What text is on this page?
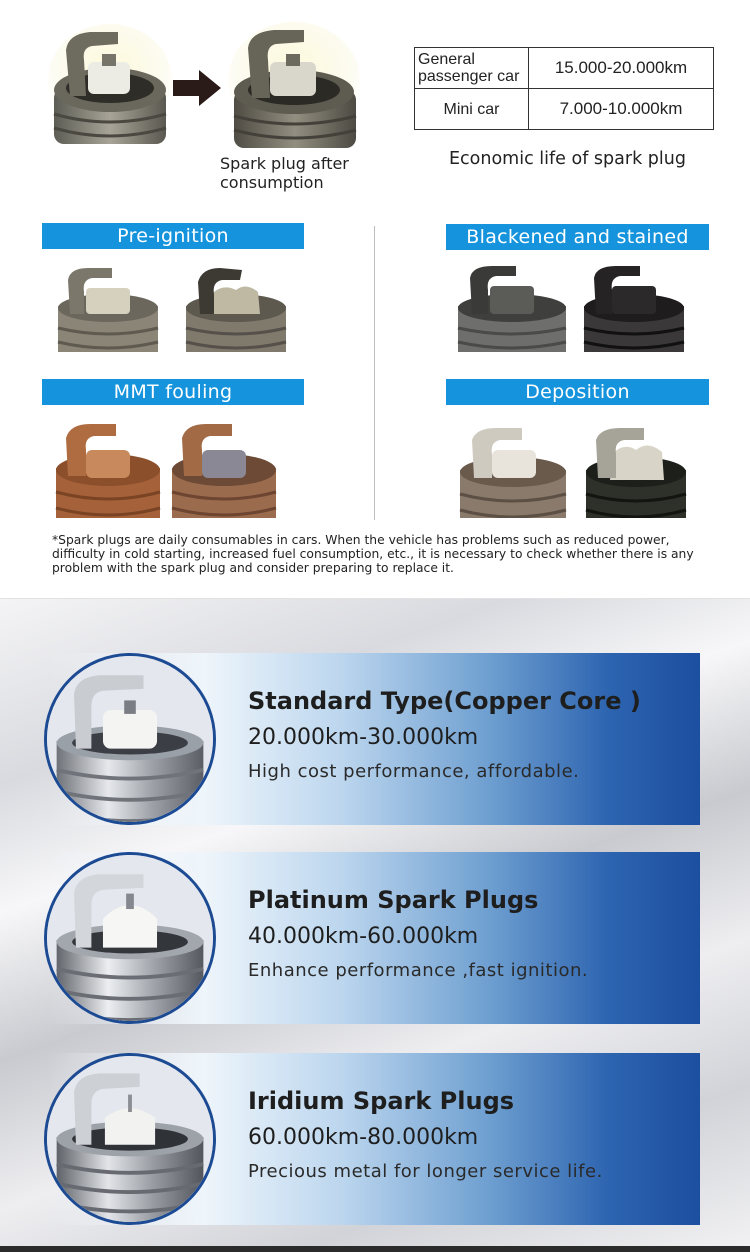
Spark plug after
consumption
General
passenger car	15.000-20.000km
Mini car	7.000-10.000km
Economic life of spark plug
Pre-ignition	Blackened and stained
MMT fouling	Deposition
*Spark plugs are daily consumables in cars. When the vehicle has problems such as reduced power, difficulty in cold starting, increased fuel consumption, etc., it is necessary to check whether there is any problem with the spark plug and consider preparing to replace it.
Standard Type(Copper Core )
20.000km-30.000km
High cost performance, affordable.
Platinum Spark Plugs
40.000km-60.000km
Enhance performance ,fast ignition.
Iridium Spark Plugs
60.000km-80.000km
Precious metal for longer service life.
